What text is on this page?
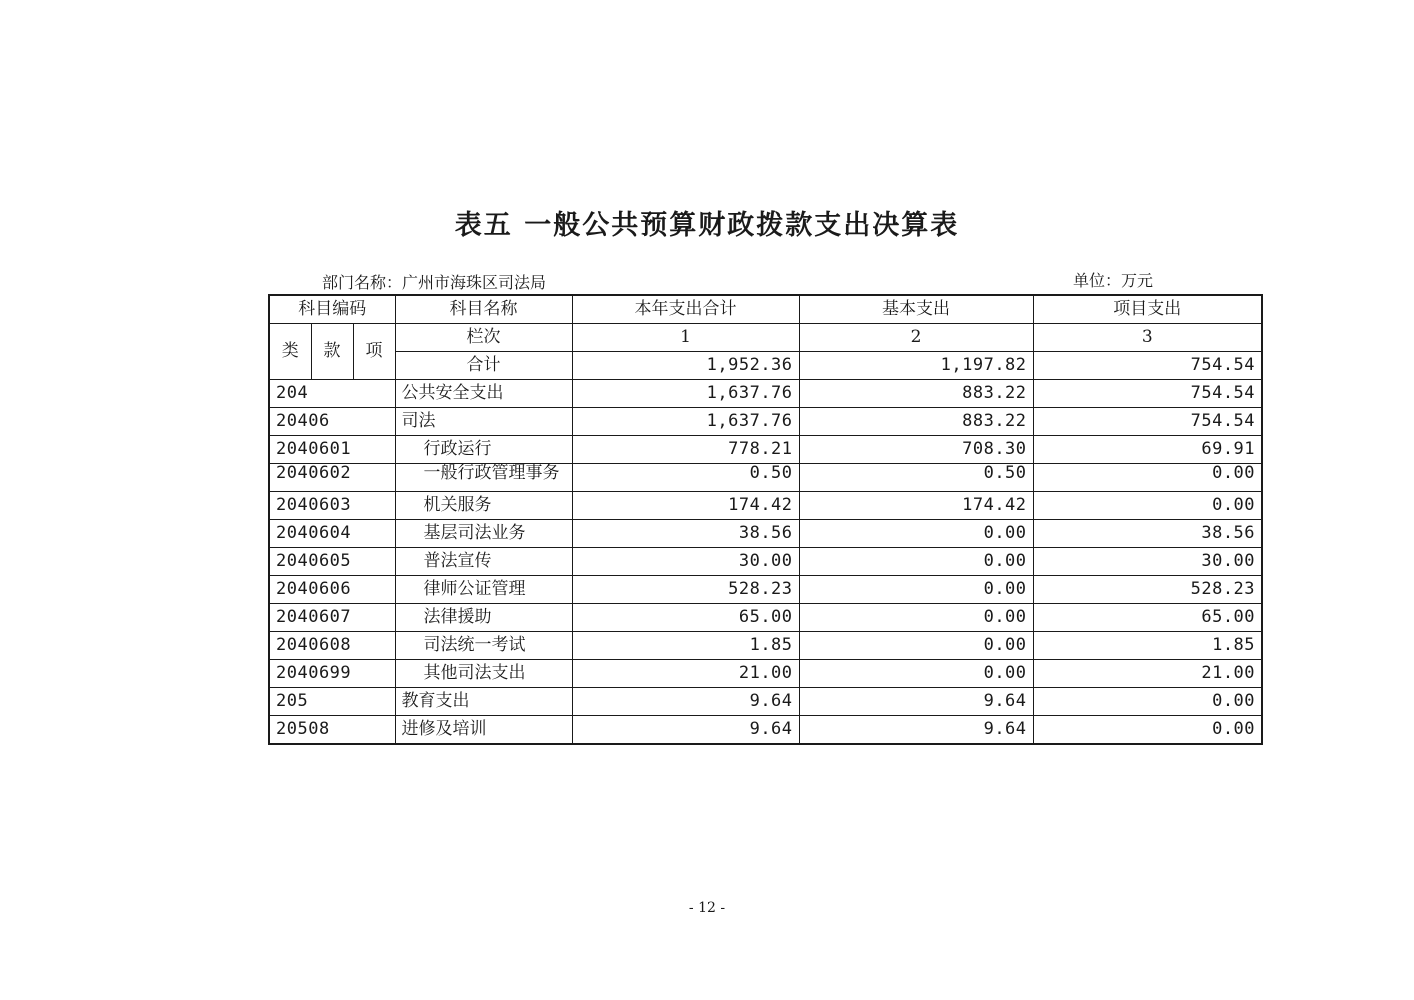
表五 一般公共预算财政拨款支出决算表
部门名称：广州市海珠区司法局	单位：万元
科目编码			科目名称	本年支出合计	基本支出	项目支出
类	款	项	栏次	1	2	3
			合计	1,952.36	1,197.82	754.54
204			公共安全支出	1,637.76	883.22	754.54
20406			司法	1,637.76	883.22	754.54
2040601			行政运行	778.21	708.30	69.91
2040602			一般行政管理事务	0.50	0.50	0.00
2040603			机关服务	174.42	174.42	0.00
2040604			基层司法业务	38.56	0.00	38.56
2040605			普法宣传	30.00	0.00	30.00
2040606			律师公证管理	528.23	0.00	528.23
2040607			法律援助	65.00	0.00	65.00
2040608			司法统一考试	1.85	0.00	1.85
2040699			其他司法支出	21.00	0.00	21.00
205			教育支出	9.64	9.64	0.00
20508			进修及培训	9.64	9.64	0.00
- 12 -
